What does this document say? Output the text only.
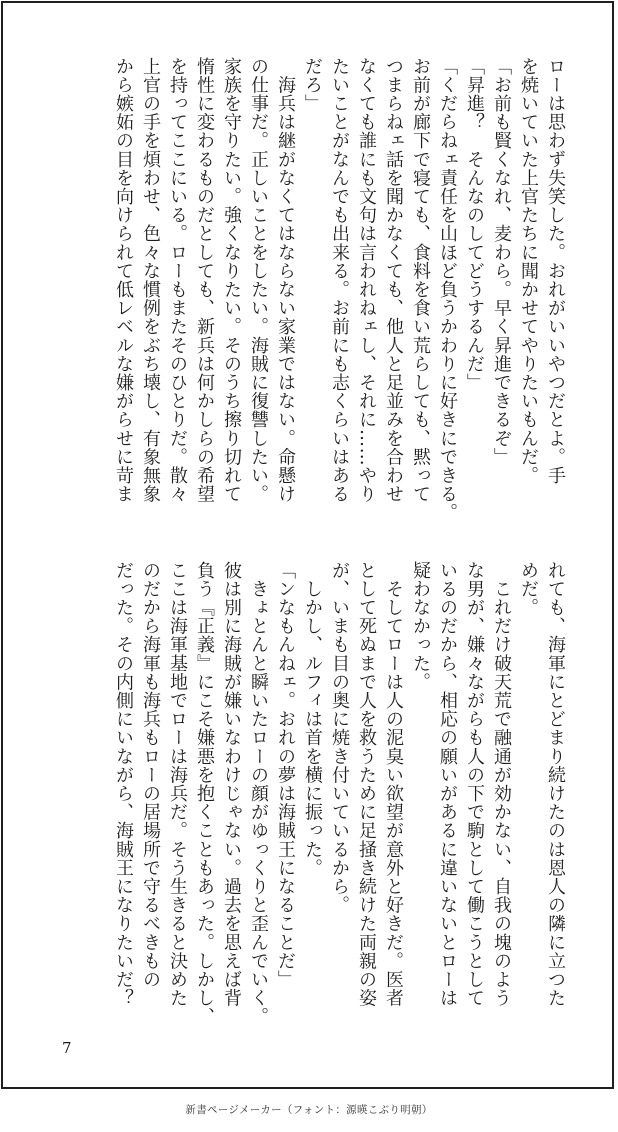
ローは思わず失笑した。おれがいいやつだとよ。手

を焼いていた上官たちに聞かせてやりたいもんだ。

「お前も賢くなれ、麦わら。早く昇進できるぞ」

「昇進？　そんなのしてどうするんだ」

「くだらねェ責任を山ほど負うかわりに好きにできる。

お前が廊下で寝ても、食料を食い荒らしても、黙って

つまらねェ話を聞かなくても、他人と足並みを合わせ

なくても誰にも文句は言われねェし、それに……やり

たいことがなんでも出来る。お前にも志くらいはある

だろ」

　海兵は継がなくてはならない家業ではない。命懸け

の仕事だ。正しいことをしたい。海賊に復讐したい。

家族を守りたい。強くなりたい。そのうち擦り切れて

惰性に変わるものだとしても、新兵は何かしらの希望

を持ってここにいる。ローもまたそのひとりだ。散々

上官の手を煩わせ、色々な慣例をぶち壊し、有象無象

から嫉妬の目を向けられて低レベルな嫌がらせに苛ま

れても、海軍にとどまり続けたのは恩人の隣に立つた

めだ。

　これだけ破天荒で融通が効かない、自我の塊のよう

な男が、嫌々ながらも人の下で駒として働こうとして

いるのだから、相応の願いがあるに違いないとローは

疑わなかった。

　そしてローは人の泥臭い欲望が意外と好きだ。医者

として死ぬまで人を救うために足掻き続けた両親の姿

が、いまも目の奥に焼き付いているから。

　しかし、ルフィは首を横に振った。

「ンなもんねェ。おれの夢は海賊王になることだ」

　きょとんと瞬いたローの顔がゆっくりと歪んでいく。

彼は別に海賊が嫌いなわけじゃない。過去を思えば背

負う『正義』にこそ嫌悪を抱くこともあった。しかし、

ここは海軍基地でローは海兵だ。そう生きると決めた

のだから海軍も海兵もローの居場所で守るべきもの

だった。その内側にいながら、海賊王になりたいだ？

7
新書ページメーカー（フォント：源暎こぶり明朝）
